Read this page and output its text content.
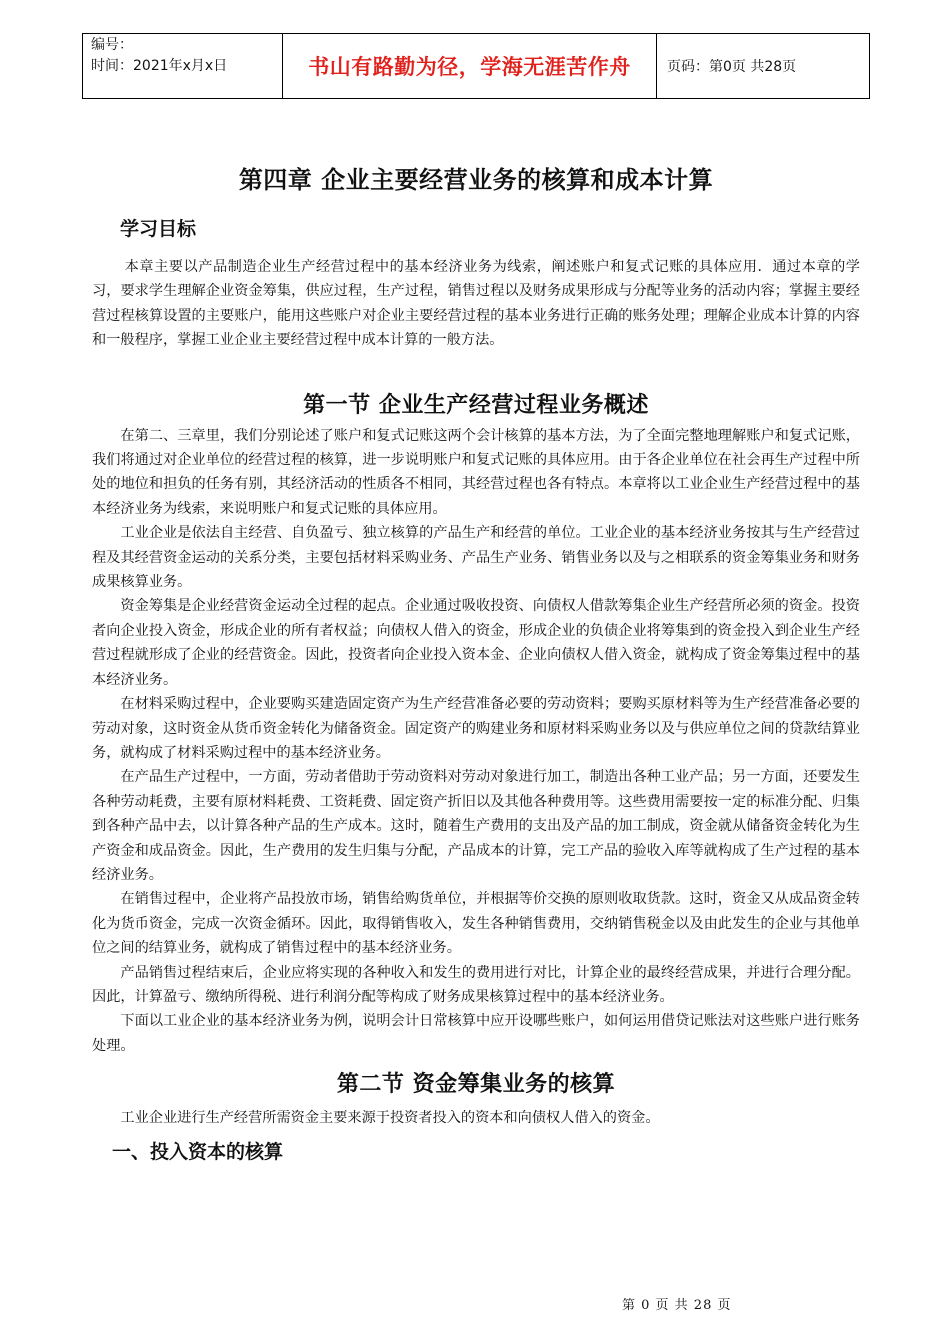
编号：
时间：2021年x月x日	书山有路勤为径，学海无涯苦作舟	页码：第0页 共28页
第四章 企业主要经营业务的核算和成本计算
学习目标

本章主要以产品制造企业生产经营过程中的基本经济业务为线索，阐述账户和复式记账的具体应用．通过本章的学习，要求学生理解企业资金筹集，供应过程，生产过程，销售过程以及财务成果形成与分配等业务的活动内容；掌握主要经营过程核算设置的主要账户，能用这些账户对企业主要经营过程的基本业务进行正确的账务处理；理解企业成本计算的内容和一般程序，掌握工业企业主要经营过程中成本计算的一般方法。

第一节 企业生产经营过程业务概述

在第二、三章里，我们分别论述了账户和复式记账这两个会计核算的基本方法，为了全面完整地理解账户和复式记账，我们将通过对企业单位的经营过程的核算，进一步说明账户和复式记账的具体应用。由于各企业单位在社会再生产过程中所处的地位和担负的任务有别，其经济活动的性质各不相同，其经营过程也各有特点。本章将以工业企业生产经营过程中的基本经济业务为线索，来说明账户和复式记账的具体应用。

工业企业是依法自主经营、自负盈亏、独立核算的产品生产和经营的单位。工业企业的基本经济业务按其与生产经营过程及其经营资金运动的关系分类，主要包括材料采购业务、产品生产业务、销售业务以及与之相联系的资金筹集业务和财务成果核算业务。

资金筹集是企业经营资金运动全过程的起点。企业通过吸收投资、向债权人借款筹集企业生产经营所必须的资金。投资者向企业投入资金，形成企业的所有者权益；向债权人借入的资金，形成企业的负债企业将筹集到的资金投入到企业生产经营过程就形成了企业的经营资金。因此，投资者向企业投入资本金、企业向债权人借入资金，就构成了资金筹集过程中的基本经济业务。

在材料采购过程中，企业要购买建造固定资产为生产经营准备必要的劳动资料；要购买原材料等为生产经营准备必要的劳动对象，这时资金从货币资金转化为储备资金。固定资产的购建业务和原材料采购业务以及与供应单位之间的贷款结算业务，就构成了材料采购过程中的基本经济业务。

在产品生产过程中，一方面，劳动者借助于劳动资料对劳动对象进行加工，制造出各种工业产品；另一方面，还要发生各种劳动耗费，主要有原材料耗费、工资耗费、固定资产折旧以及其他各种费用等。这些费用需要按一定的标准分配、归集到各种产品中去，以计算各种产品的生产成本。这时，随着生产费用的支出及产品的加工制成，资金就从储备资金转化为生产资金和成品资金。因此，生产费用的发生归集与分配，产品成本的计算，完工产品的验收入库等就构成了生产过程的基本经济业务。

在销售过程中，企业将产品投放市场，销售给购货单位，并根据等价交换的原则收取货款。这时，资金又从成品资金转化为货币资金，完成一次资金循环。因此，取得销售收入，发生各种销售费用，交纳销售税金以及由此发生的企业与其他单位之间的结算业务，就构成了销售过程中的基本经济业务。

产品销售过程结束后，企业应将实现的各种收入和发生的费用进行对比，计算企业的最终经营成果，并进行合理分配。因此，计算盈亏、缴纳所得税、进行利润分配等构成了财务成果核算过程中的基本经济业务。

下面以工业企业的基本经济业务为例，说明会计日常核算中应开设哪些账户，如何运用借贷记账法对这些账户进行账务处理。

第二节 资金筹集业务的核算

工业企业进行生产经营所需资金主要来源于投资者投入的资本和向债权人借入的资金。

一、投入资本的核算
第 0 页 共 28 页
